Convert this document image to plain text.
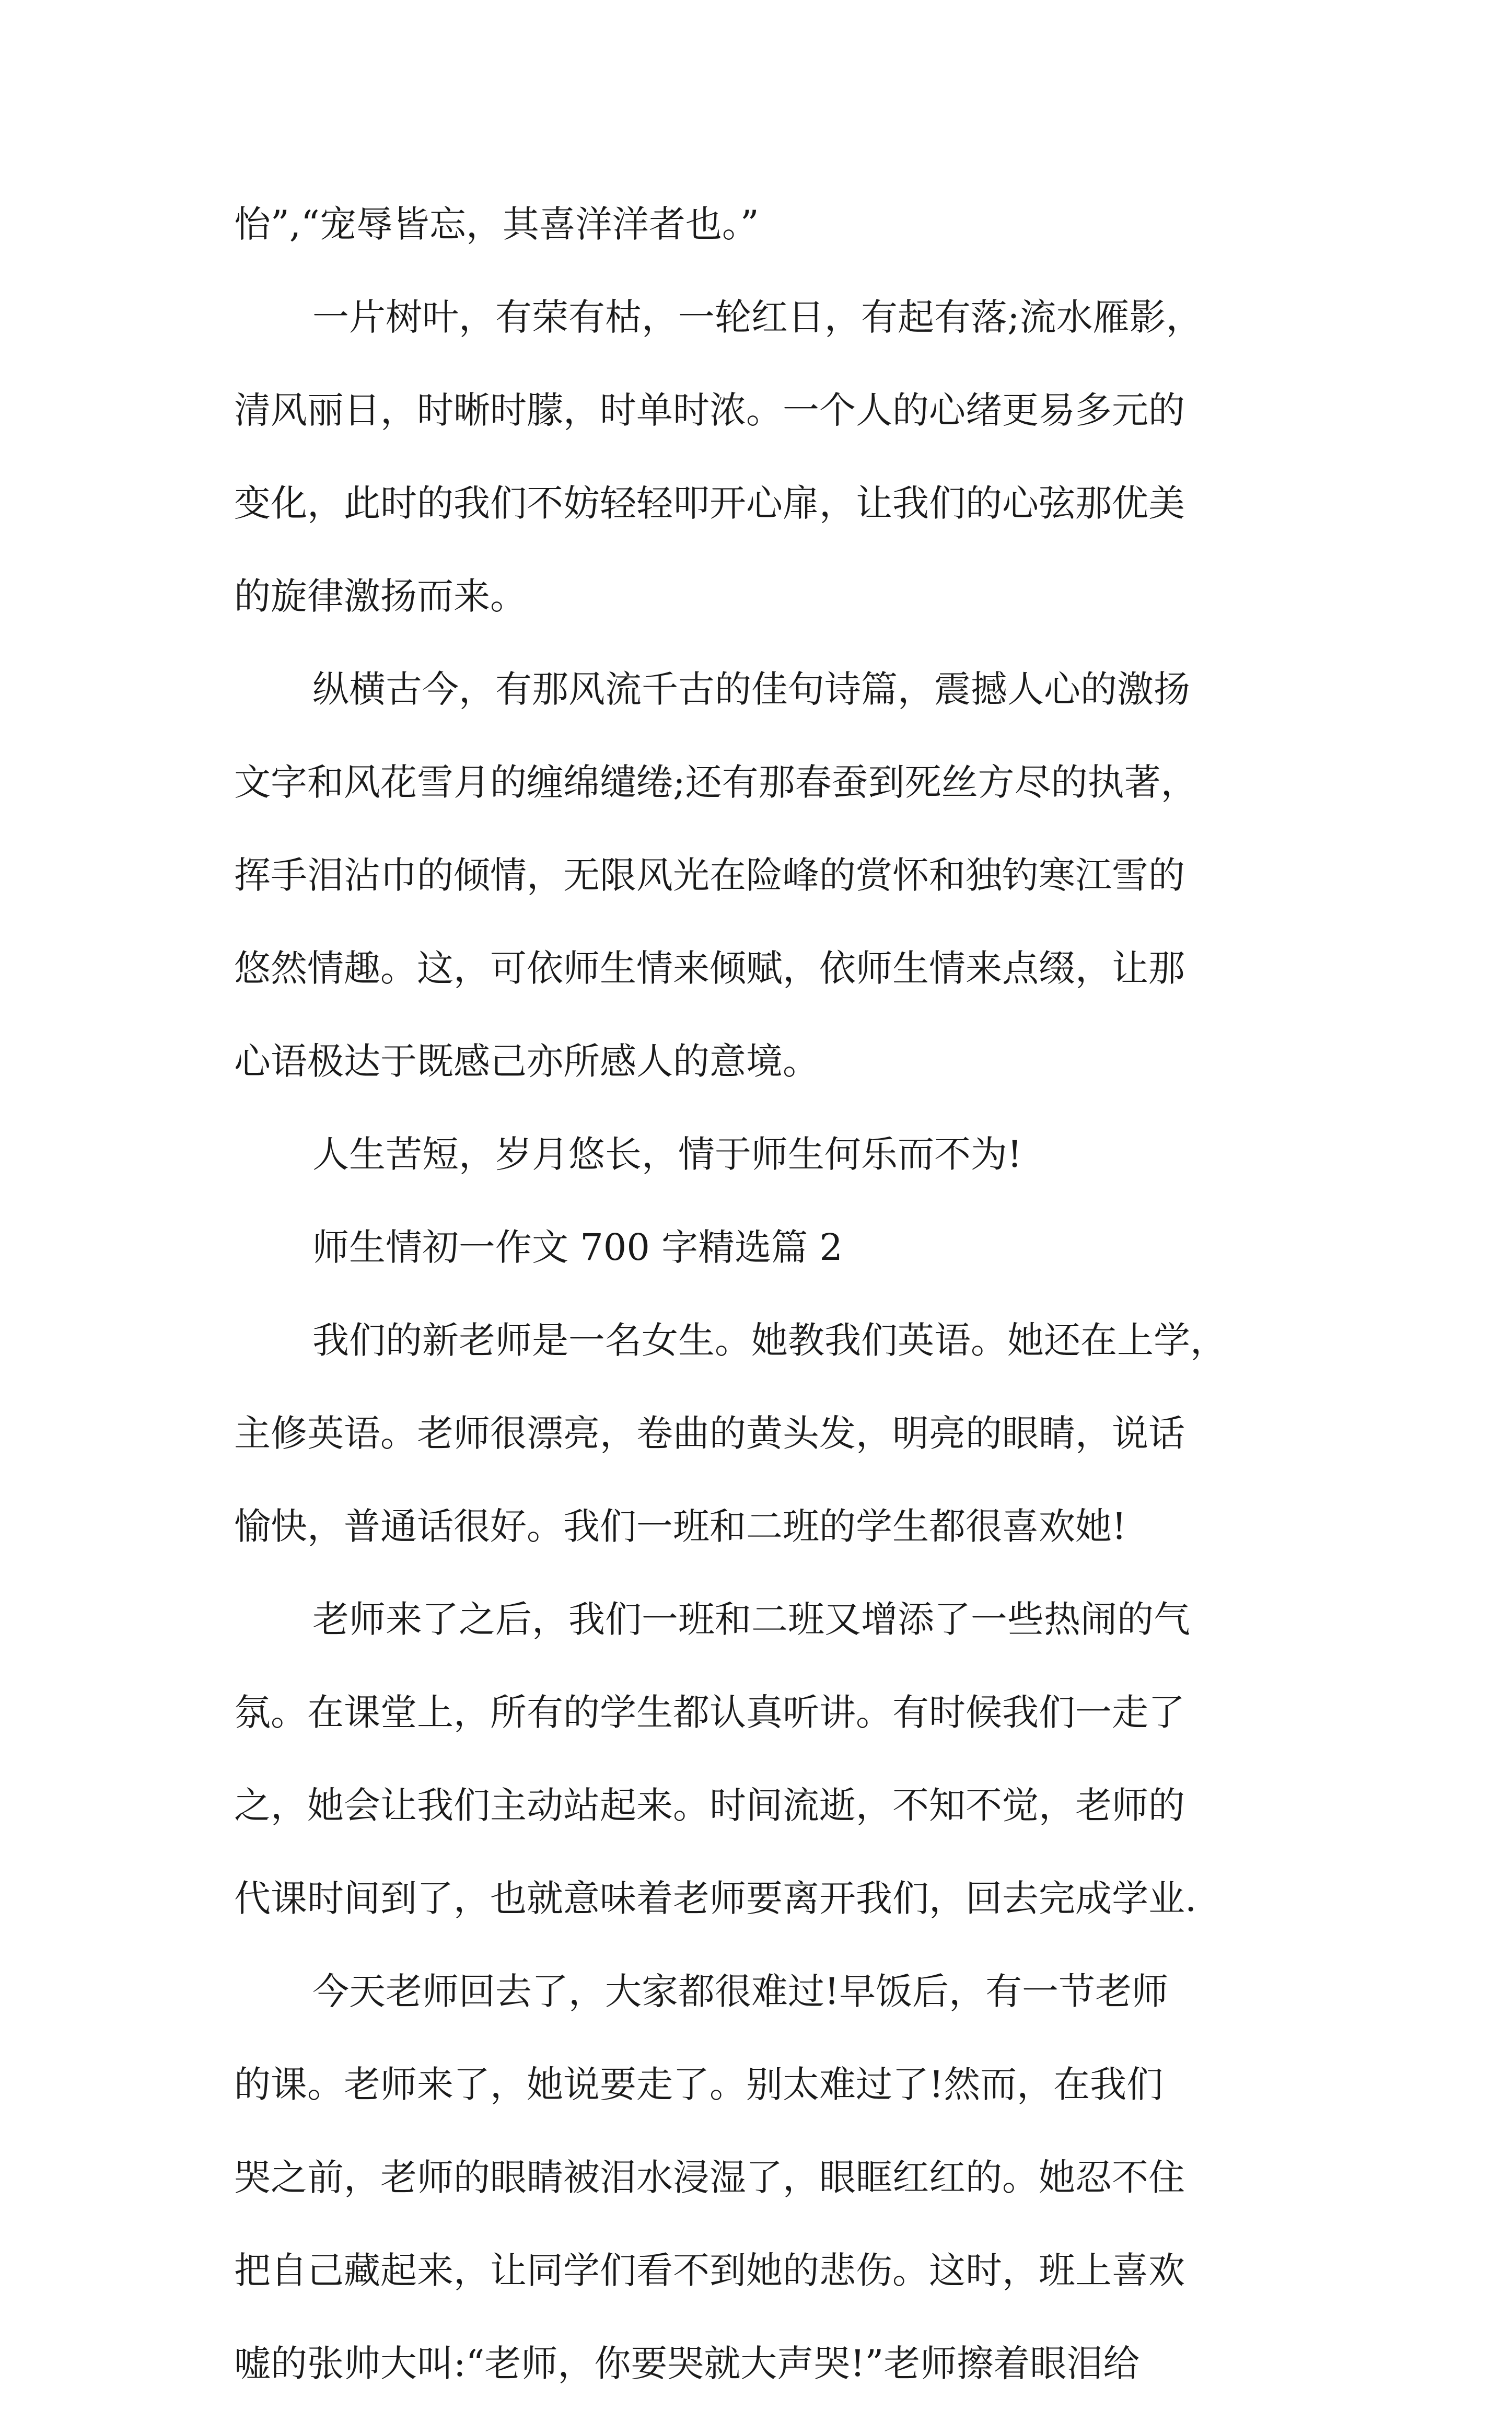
怡”,“宠辱皆忘，其喜洋洋者也。”
一片树叶，有荣有枯，一轮红日，有起有落;流水雁影，
清风丽日，时晰时朦，时单时浓。一个人的心绪更易多元的
变化，此时的我们不妨轻轻叩开心扉，让我们的心弦那优美
的旋律激扬而来。
纵横古今，有那风流千古的佳句诗篇，震撼人心的激扬
文字和风花雪月的缠绵缱绻;还有那春蚕到死丝方尽的执著，
挥手泪沾巾的倾情，无限风光在险峰的赏怀和独钓寒江雪的
悠然情趣。这，可依师生情来倾赋，依师生情来点缀，让那
心语极达于既感己亦所感人的意境。
人生苦短，岁月悠长，情于师生何乐而不为!
师生情初一作文 700 字精选篇 2
我们的新老师是一名女生。她教我们英语。她还在上学，
主修英语。老师很漂亮，卷曲的黄头发，明亮的眼睛，说话
愉快，普通话很好。我们一班和二班的学生都很喜欢她!
老师来了之后，我们一班和二班又增添了一些热闹的气
氛。在课堂上，所有的学生都认真听讲。有时候我们一走了
之，她会让我们主动站起来。时间流逝，不知不觉，老师的
代课时间到了，也就意味着老师要离开我们，回去完成学业.
今天老师回去了，大家都很难过!早饭后，有一节老师
的课。老师来了，她说要走了。别太难过了!然而，在我们
哭之前，老师的眼睛被泪水浸湿了，眼眶红红的。她忍不住
把自己藏起来，让同学们看不到她的悲伤。这时，班上喜欢
嘘的张帅大叫:“老师，你要哭就大声哭!”老师擦着眼泪给
